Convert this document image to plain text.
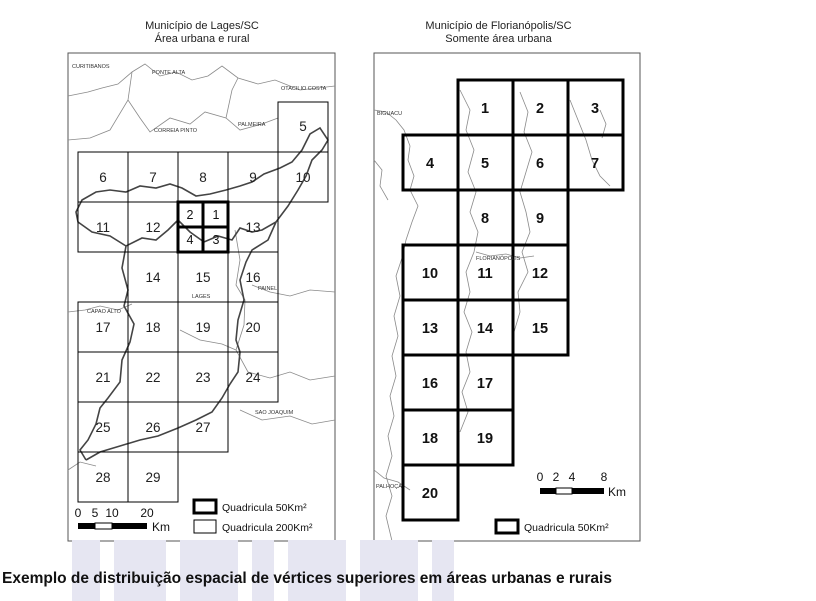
Município de Lages/SC
Área urbana e rural
Município de Florianópolis/SC
Somente área urbana
CURITIBANOS
PONTE ALTA
OTACILIO COSTA
CORREIA PINTO
PALMEIRA
PAINEL
LAGES
CAPAO ALTO
SAO JOAQUIM
2 1
4 3
5
6	7	8	9	10
11	12	13
14	15	16
17	18	19	20
21	22	23	24
25	26	27
28	29
0 5 10 20
Km
Quadricula 50Km²
Quadricula 200Km²
BIGUACU
FLORIANÓPOLIS
PALHOÇA
1	2	3
4	5	6	7
8	9
10	11	12
13	14	15
16	17
18	19
20
0 2 4 8
Km
Quadricula 50Km²
Exemplo de distribuição espacial de vértices superiores em áreas urbanas e rurais
